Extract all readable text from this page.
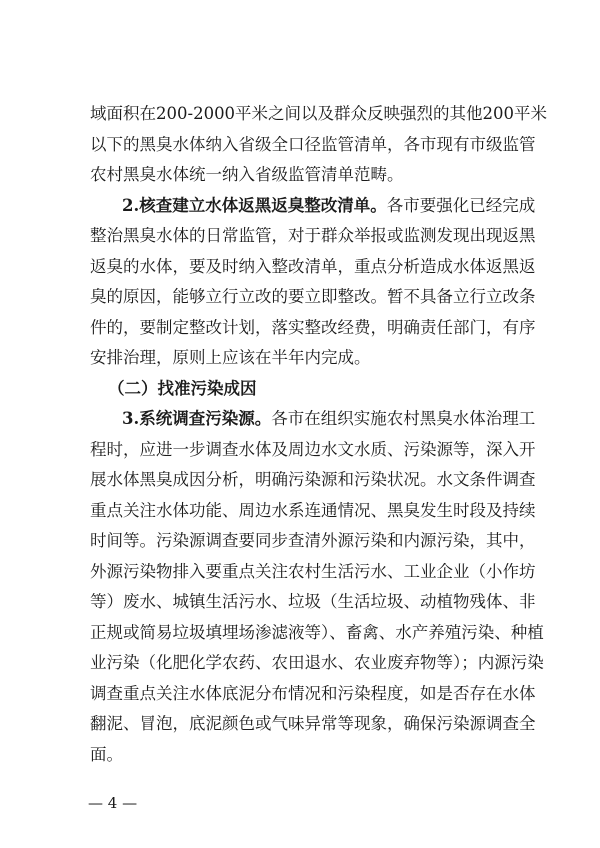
域面积在200-2000平米之间以及群众反映强烈的其他200平米
以下的黑臭水体纳入省级全口径监管清单，各市现有市级监管
农村黑臭水体统一纳入省级监管清单范畴。
2.核查建立水体返黑返臭整改清单。各市要强化已经完成
整治黑臭水体的日常监管，对于群众举报或监测发现出现返黑
返臭的水体，要及时纳入整改清单，重点分析造成水体返黑返
臭的原因，能够立行立改的要立即整改。暂不具备立行立改条
件的，要制定整改计划，落实整改经费，明确责任部门，有序
安排治理，原则上应该在半年内完成。
（二）找准污染成因
3.系统调查污染源。各市在组织实施农村黑臭水体治理工
程时，应进一步调查水体及周边水文水质、污染源等，深入开
展水体黑臭成因分析，明确污染源和污染状况。水文条件调查
重点关注水体功能、周边水系连通情况、黑臭发生时段及持续
时间等。污染源调查要同步查清外源污染和内源污染，其中，
外源污染物排入要重点关注农村生活污水、工业企业（小作坊
等）废水、城镇生活污水、垃圾（生活垃圾、动植物残体、非
正规或简易垃圾填埋场渗滤液等）、畜禽、水产养殖污染、种植
业污染（化肥化学农药、农田退水、农业废弃物等）；内源污染
调查重点关注水体底泥分布情况和污染程度，如是否存在水体
翻泥、冒泡，底泥颜色或气味异常等现象，确保污染源调查全
— 4 —
面。
